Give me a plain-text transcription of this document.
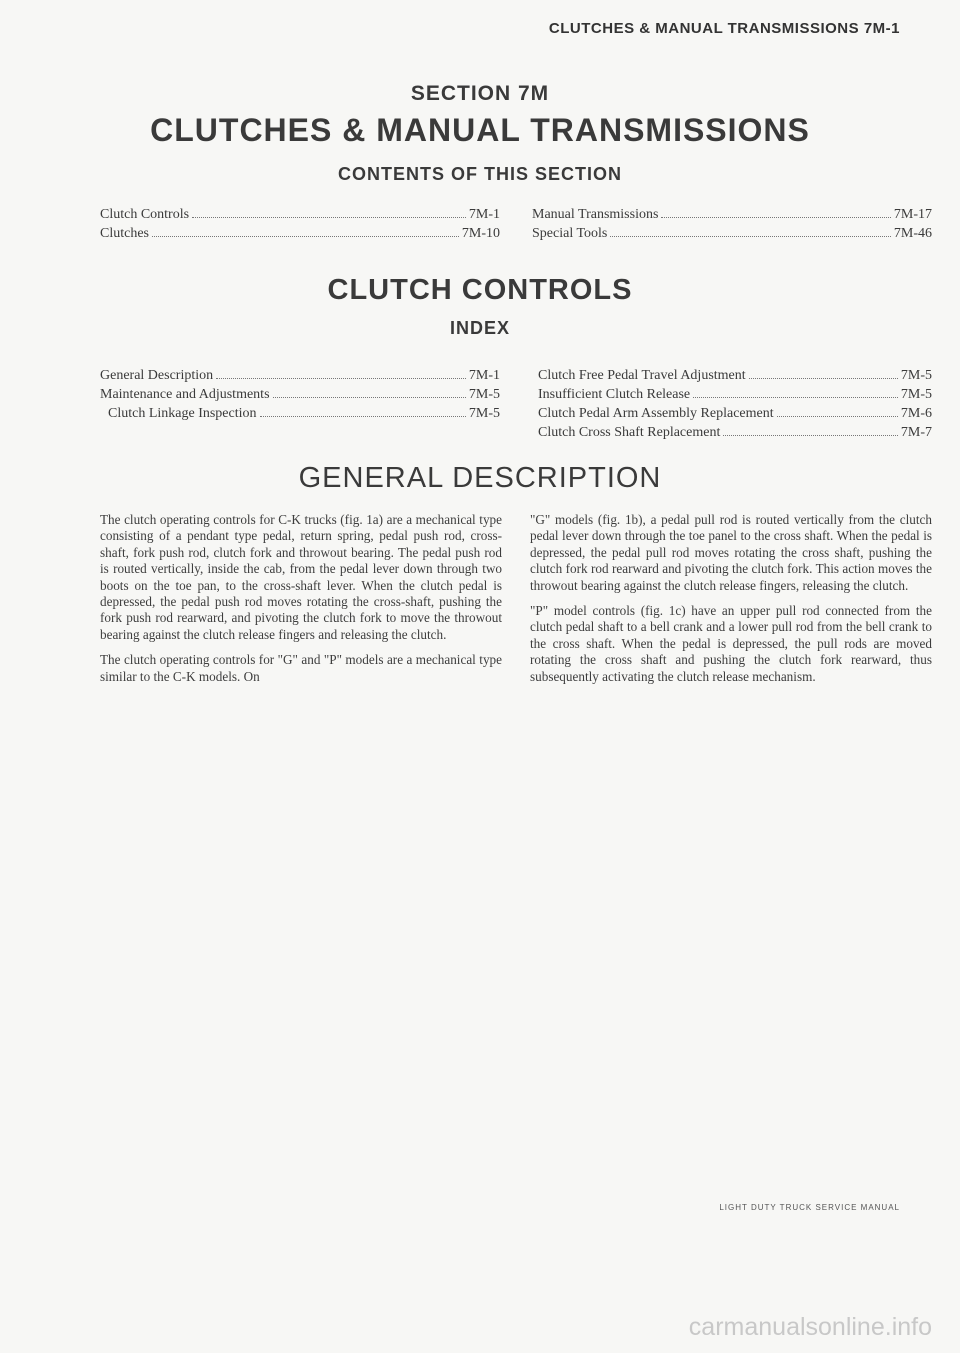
CLUTCHES & MANUAL TRANSMISSIONS 7M-1
SECTION 7M
CLUTCHES & MANUAL TRANSMISSIONS
CONTENTS OF THIS SECTION
Clutch Controls	7M-1
Clutches	7M-10
Manual Transmissions	7M-17
Special Tools	7M-46
CLUTCH CONTROLS
INDEX
General Description	7M-1
Maintenance and Adjustments	7M-5
Clutch Linkage Inspection	7M-5
Clutch Free Pedal Travel Adjustment	7M-5
Insufficient Clutch Release	7M-5
Clutch Pedal Arm Assembly Replacement	7M-6
Clutch Cross Shaft Replacement	7M-7
GENERAL DESCRIPTION

The clutch operating controls for C-K trucks (fig. 1a) are a mechanical type consisting of a pendant type pedal, return spring, pedal push rod, cross-shaft, fork push rod, clutch fork and throwout bearing. The pedal push rod is routed vertically, inside the cab, from the pedal lever down through two boots on the toe pan, to the cross-shaft lever. When the clutch pedal is depressed, the pedal push rod moves rotating the cross-shaft, pushing the fork push rod rearward, and pivoting the clutch fork to move the throwout bearing against the clutch release fingers and releasing the clutch.

The clutch operating controls for "G" and "P" models are a mechanical type similar to the C-K models. On

"G" models (fig. 1b), a pedal pull rod is routed vertically from the clutch pedal lever down through the toe panel to the cross shaft. When the pedal is depressed, the pedal pull rod moves rotating the cross shaft, pushing the clutch fork rod rearward and pivoting the clutch fork. This action moves the throwout bearing against the clutch release fingers, releasing the clutch.

"P" model controls (fig. 1c) have an upper pull rod connected from the clutch pedal shaft to a bell crank and a lower pull rod from the bell crank to the cross shaft. When the pedal is depressed, the pull rods are moved rotating the cross shaft and pushing the clutch fork rearward, thus subsequently activating the clutch release mechanism.

LIGHT DUTY TRUCK SERVICE MANUAL
carmanualsonline.info
